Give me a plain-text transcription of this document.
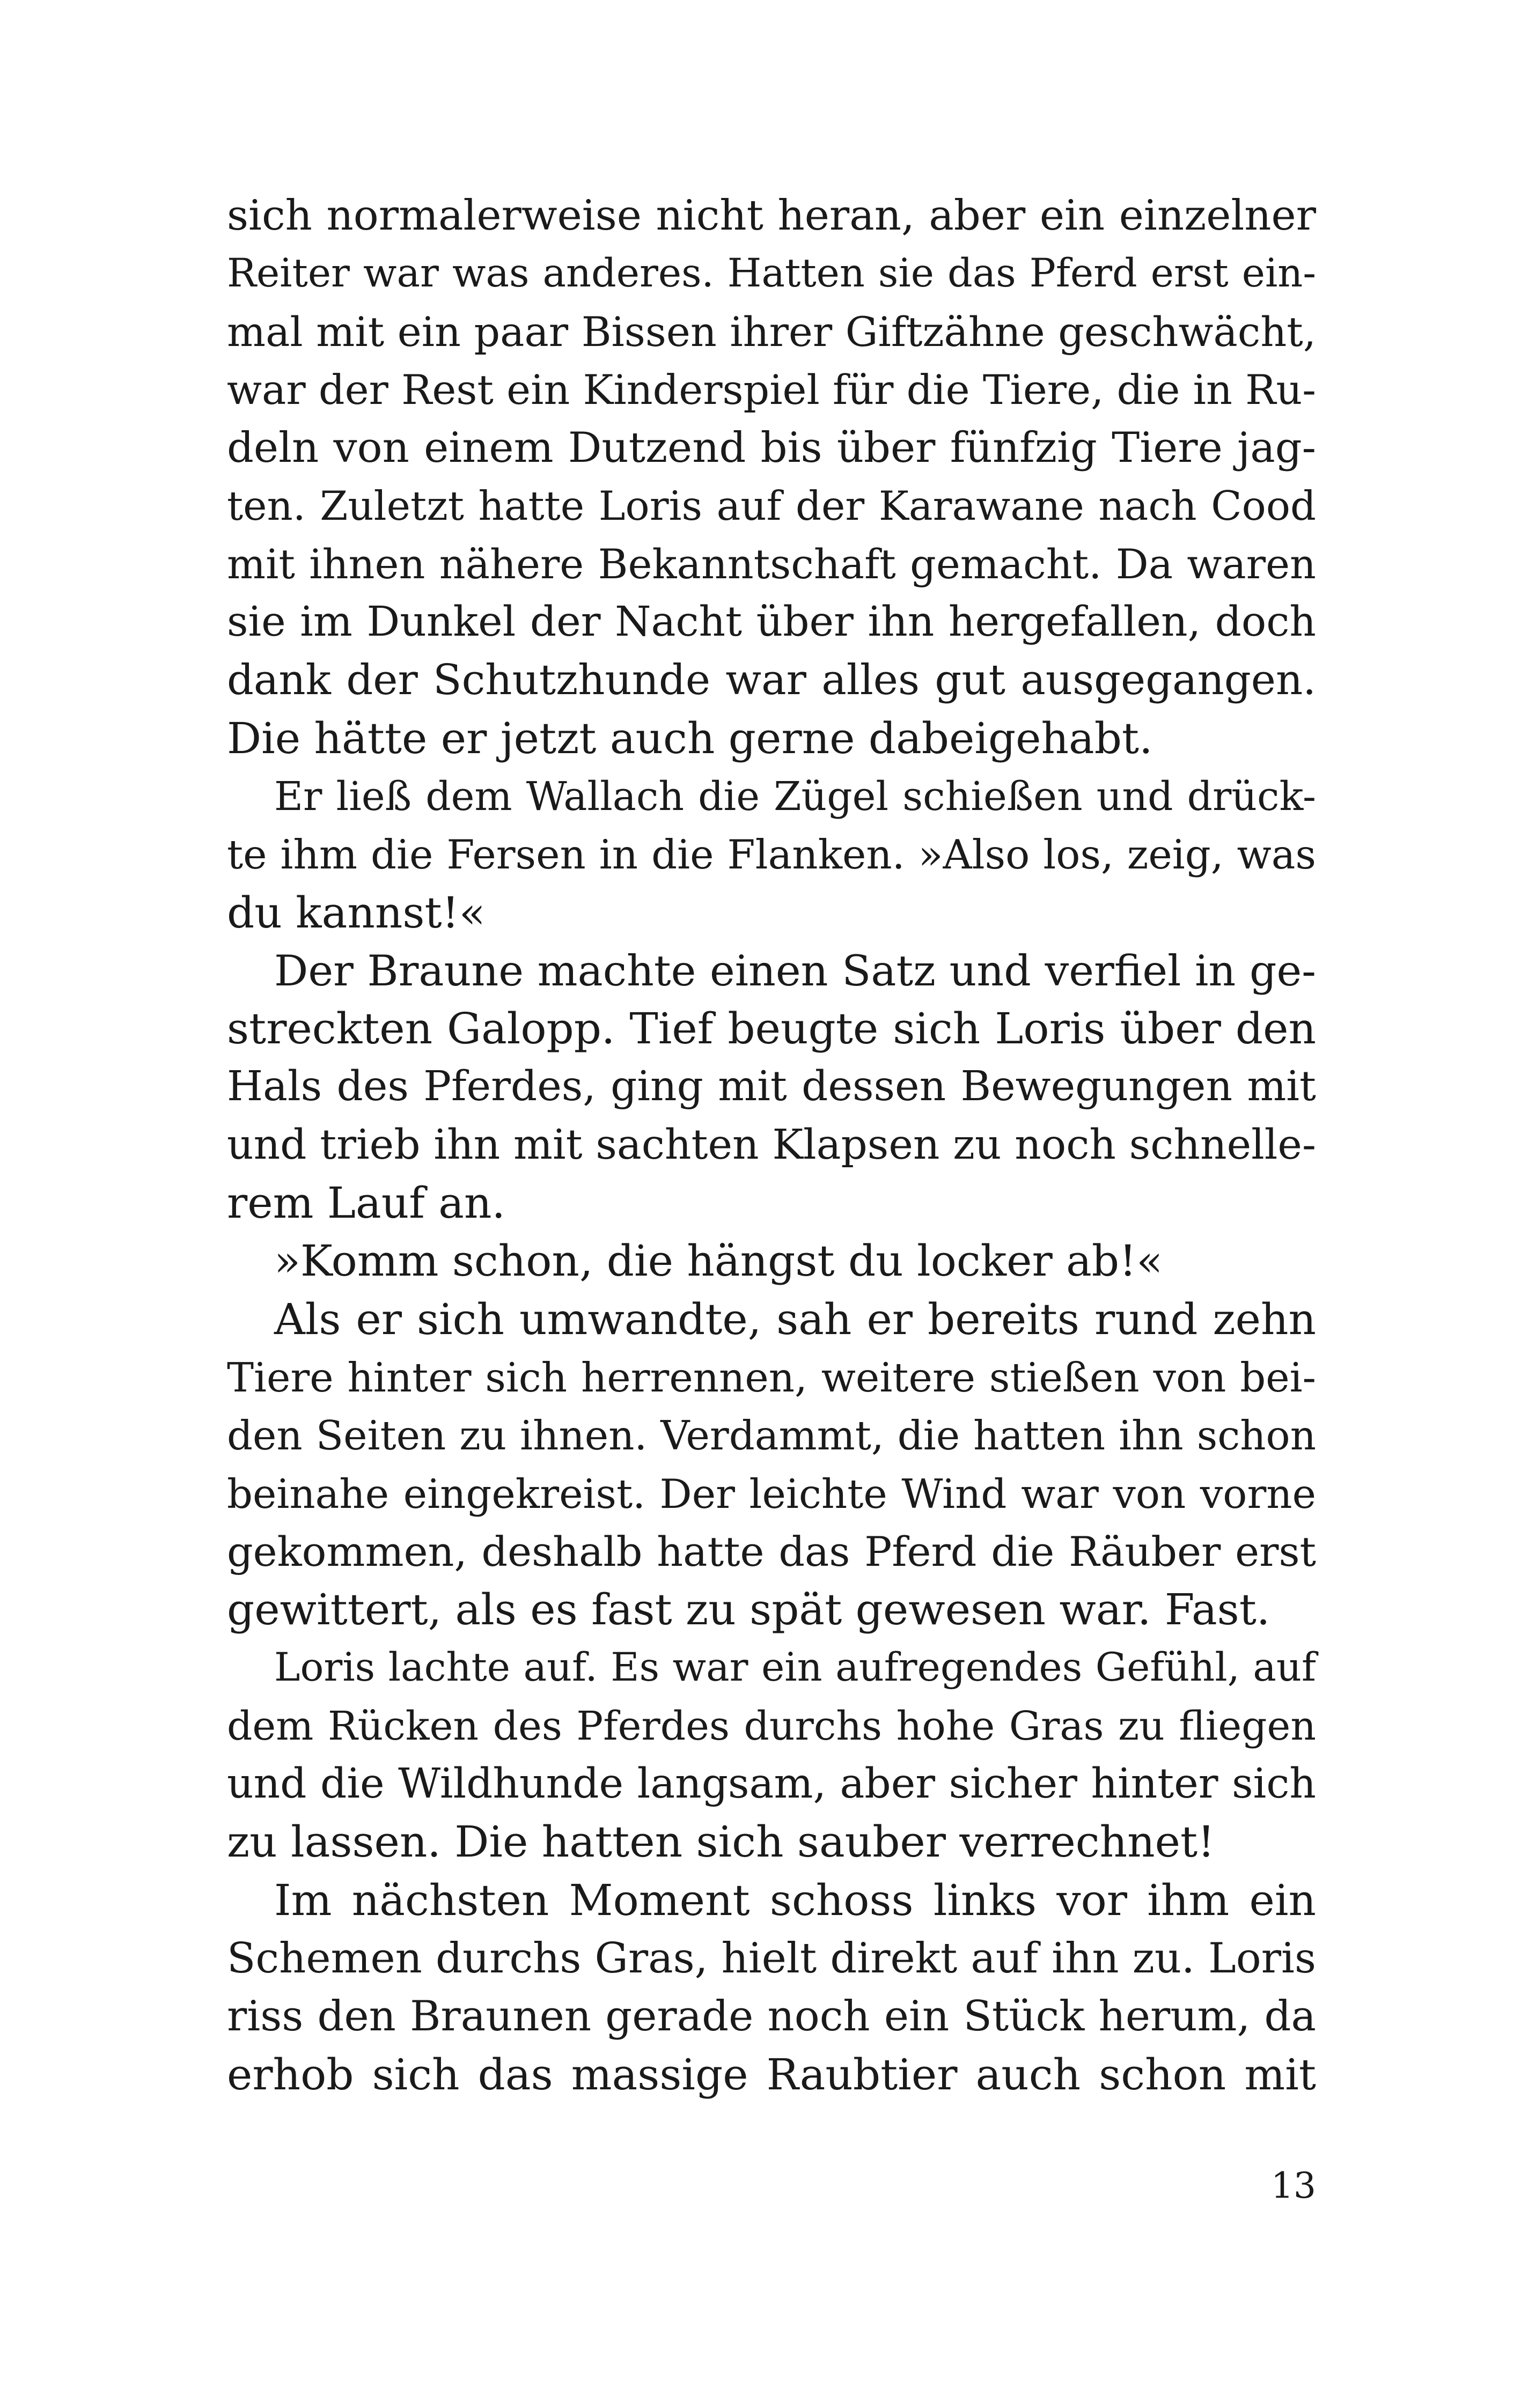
sich normalerweise nicht heran, aber ein einzelner
Reiter war was anderes. Hatten sie das Pferd erst ein-
mal mit ein paar Bissen ihrer Giftzähne geschwächt,
war der Rest ein Kinderspiel für die Tiere, die in Ru-
deln von einem Dutzend bis über fünfzig Tiere jag-
ten. Zuletzt hatte Loris auf der Karawane nach Cood
mit ihnen nähere Bekanntschaft gemacht. Da waren
sie im Dunkel der Nacht über ihn hergefallen, doch
dank der Schutzhunde war alles gut ausgegangen.
Die hätte er jetzt auch gerne dabeigehabt.
Er ließ dem Wallach die Zügel schießen und drück-
te ihm die Fersen in die Flanken. »Also los, zeig, was
du kannst!«
Der Braune machte einen Satz und verfiel in ge-
streckten Galopp. Tief beugte sich Loris über den
Hals des Pferdes, ging mit dessen Bewegungen mit
und trieb ihn mit sachten Klapsen zu noch schnelle-
rem Lauf an.
»Komm schon, die hängst du locker ab!«
Als er sich umwandte, sah er bereits rund zehn
Tiere hinter sich herrennen, weitere stießen von bei-
den Seiten zu ihnen. Verdammt, die hatten ihn schon
beinahe eingekreist. Der leichte Wind war von vorne
gekommen, deshalb hatte das Pferd die Räuber erst
gewittert, als es fast zu spät gewesen war. Fast.
Loris lachte auf. Es war ein aufregendes Gefühl, auf
dem Rücken des Pferdes durchs hohe Gras zu fliegen
und die Wildhunde langsam, aber sicher hinter sich
zu lassen. Die hatten sich sauber verrechnet!
Im nächsten Moment schoss links vor ihm ein
Schemen durchs Gras, hielt direkt auf ihn zu. Loris
riss den Braunen gerade noch ein Stück herum, da
erhob sich das massige Raubtier auch schon mit
13
